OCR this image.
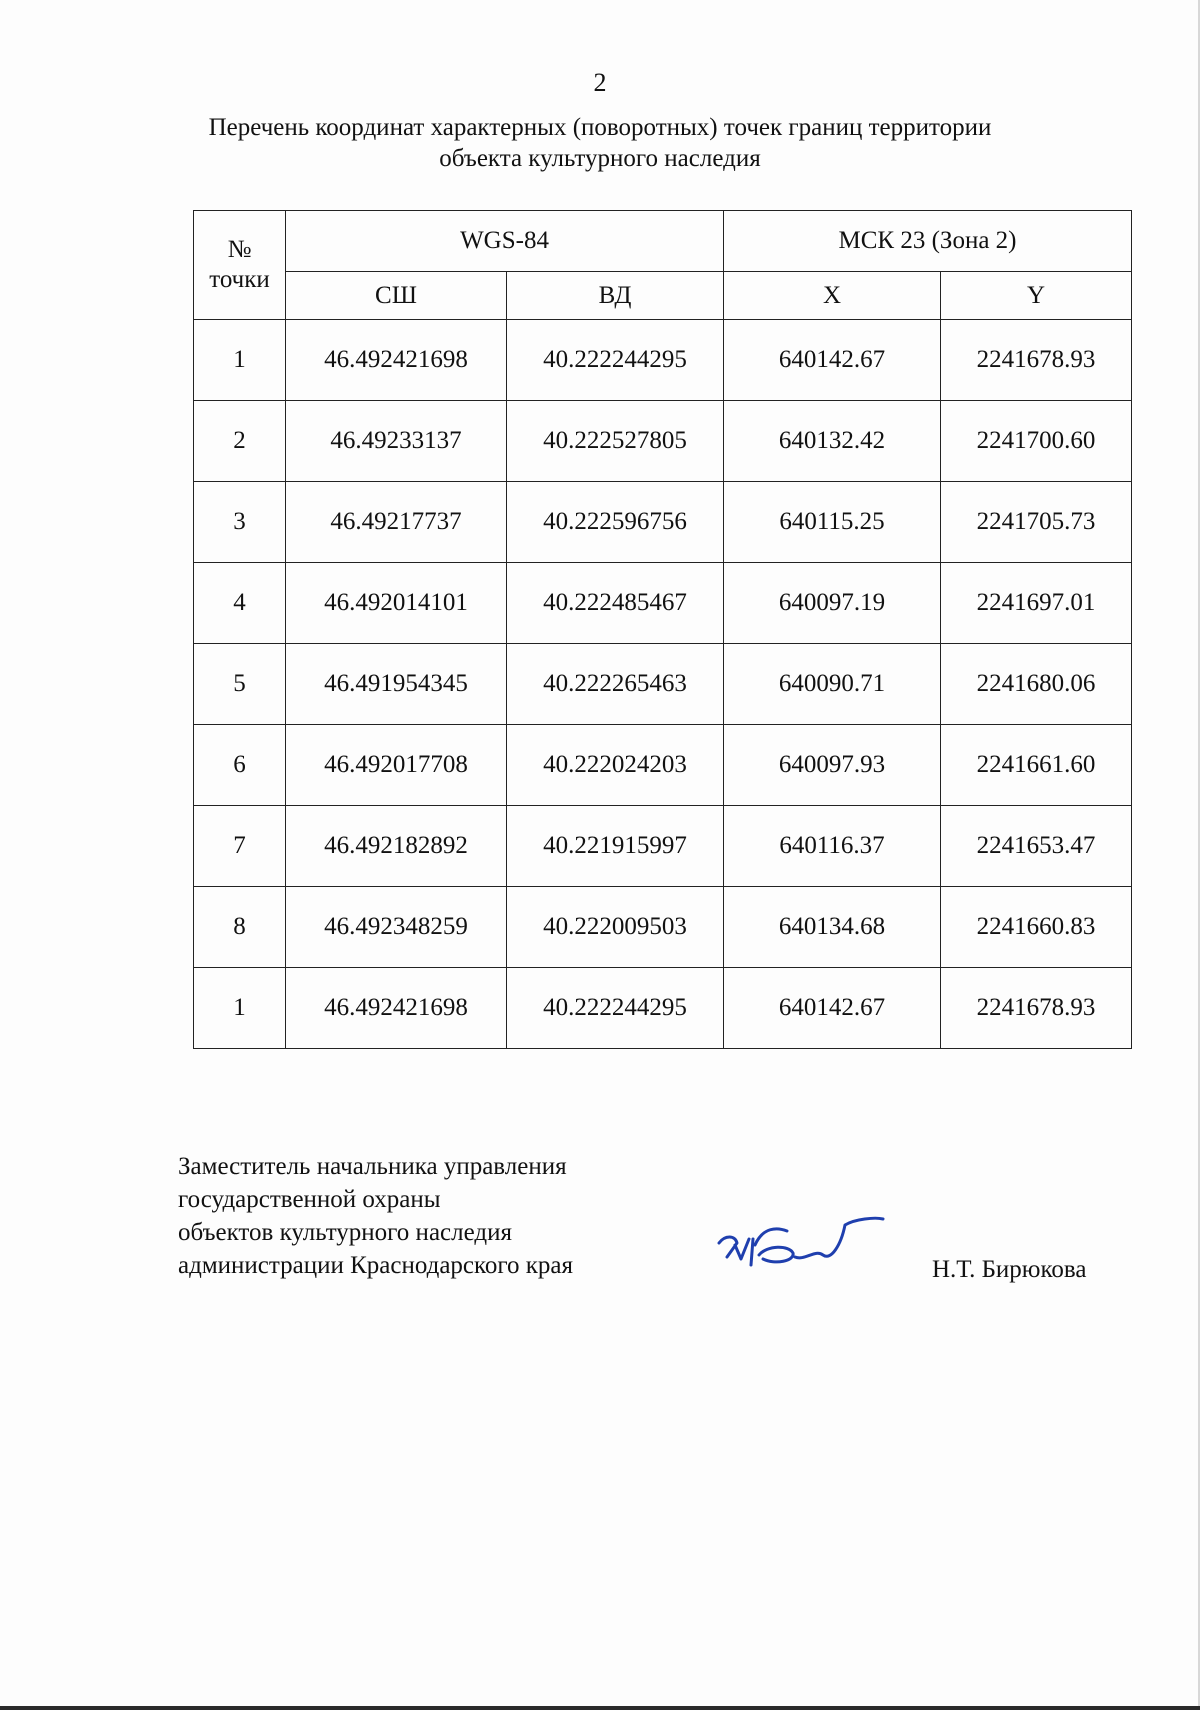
2
Перечень координат характерных (поворотных) точек границ территории
объекта культурного наследия
№
точки	WGS-84		МСК 23 (Зона 2)	
	СШ	ВД	X	Y
1	46.492421698	40.222244295	640142.67	2241678.93
2	46.49233137	40.222527805	640132.42	2241700.60
3	46.49217737	40.222596756	640115.25	2241705.73
4	46.492014101	40.222485467	640097.19	2241697.01
5	46.491954345	40.222265463	640090.71	2241680.06
6	46.492017708	40.222024203	640097.93	2241661.60
7	46.492182892	40.221915997	640116.37	2241653.47
8	46.492348259	40.222009503	640134.68	2241660.83
1	46.492421698	40.222244295	640142.67	2241678.93
Заместитель начальника управления
государственной охраны
объектов культурного наследия
администрации Краснодарского края	Н.Т. Бирюкова
